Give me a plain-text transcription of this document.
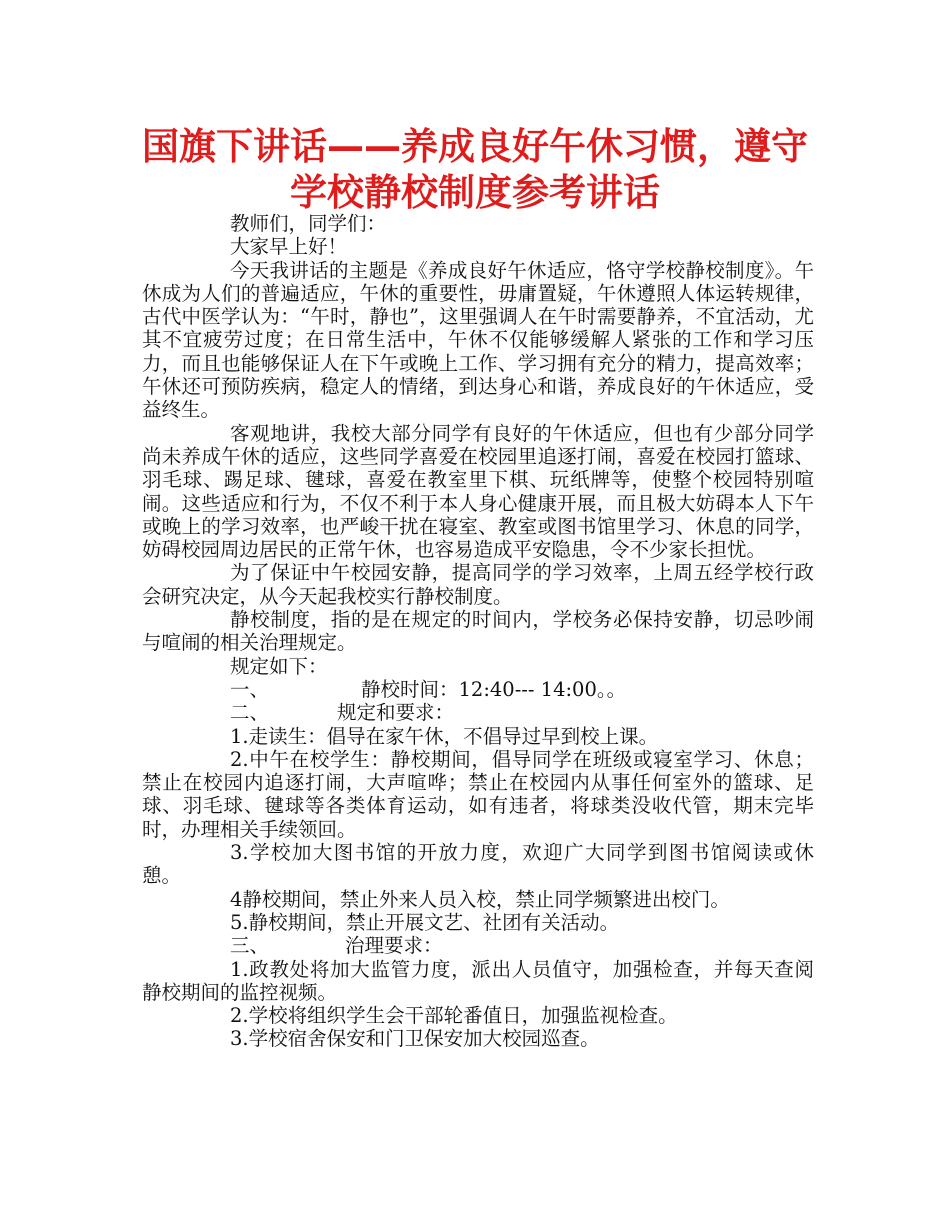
国旗下讲话——养成良好午休习惯，遵守
学校静校制度参考讲话

教师们，同学们：

大家早上好！

今天我讲话的主题是《养成良好午休适应，恪守学校静校制度》。午休成为人们的普遍适应，午休的重要性，毋庸置疑，午休遵照人体运转规律，古代中医学认为：“午时，静也”，这里强调人在午时需要静养，不宜活动，尤其不宜疲劳过度；在日常生活中，午休不仅能够缓解人紧张的工作和学习压力，而且也能够保证人在下午或晚上工作、学习拥有充分的精力，提高效率；午休还可预防疾病，稳定人的情绪，到达身心和谐，养成良好的午休适应，受益终生。

客观地讲，我校大部分同学有良好的午休适应，但也有少部分同学尚未养成午休的适应，这些同学喜爱在校园里追逐打闹，喜爱在校园打篮球、羽毛球、踢足球、毽球，喜爱在教室里下棋、玩纸牌等，使整个校园特别喧闹。这些适应和行为，不仅不利于本人身心健康开展，而且极大妨碍本人下午或晚上的学习效率，也严峻干扰在寝室、教室或图书馆里学习、休息的同学，妨碍校园周边居民的正常午休，也容易造成平安隐患，令不少家长担忧。

为了保证中午校园安静，提高同学的学习效率，上周五经学校行政会研究决定，从今天起我校实行静校制度。

静校制度，指的是在规定的时间内，学校务必保持安静，切忌吵闹与喧闹的相关治理规定。

规定如下：

一、	静校时间：12:40--- 14:00。。

二、	规定和要求：

1.走读生：倡导在家午休，不倡导过早到校上课。

2.中午在校学生：静校期间，倡导同学在班级或寝室学习、休息；禁止在校园内追逐打闹，大声喧哗；禁止在校园内从事任何室外的篮球、足球、羽毛球、毽球等各类体育运动，如有违者，将球类没收代管，期末完毕时，办理相关手续领回。

3.学校加大图书馆的开放力度，欢迎广大同学到图书馆阅读或休憩。

4静校期间，禁止外来人员入校，禁止同学频繁进出校门。

5.静校期间，禁止开展文艺、社团有关活动。

三、	治理要求：

1.政教处将加大监管力度，派出人员值守，加强检查，并每天查阅静校期间的监控视频。

2.学校将组织学生会干部轮番值日，加强监视检查。

3.学校宿舍保安和门卫保安加大校园巡查。
